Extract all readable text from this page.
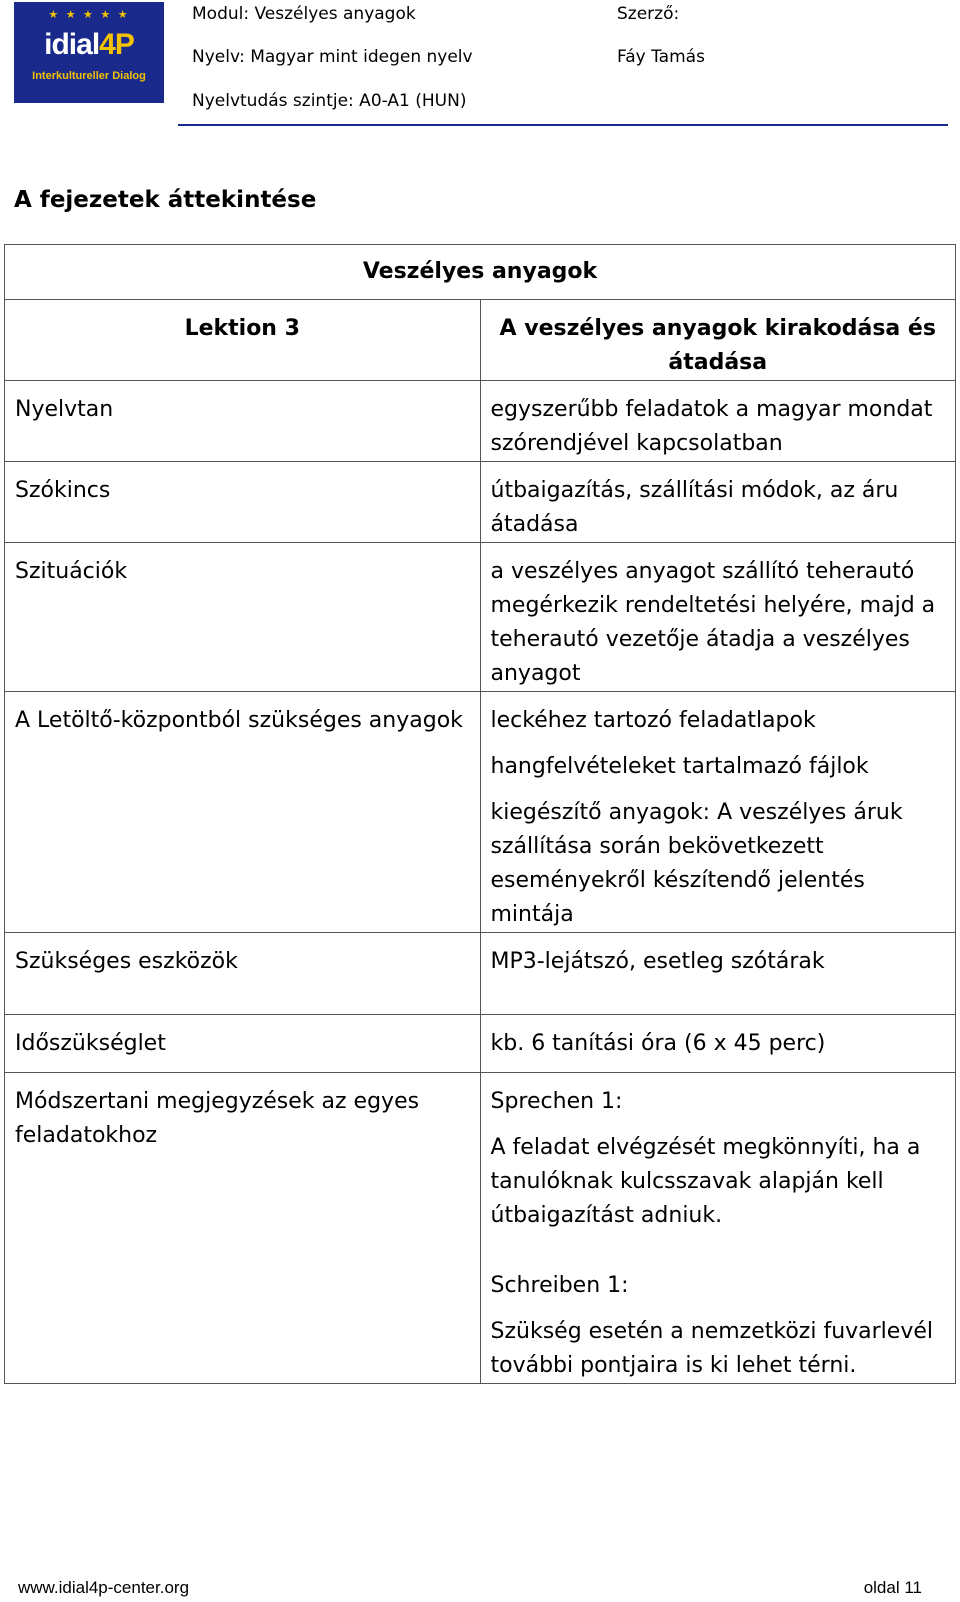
★ ★ ★ ★ ★
idial4P
Interkultureller Dialog
Modul: Veszélyes anyagok
Nyelv: Magyar mint idegen nyelv
Nyelvtudás szintje: A0-A1 (HUN)
Szerző:
Fáy Tamás
A fejezetek áttekintése
Veszélyes anyagok	
Lektion 3	A veszélyes anyagok kirakodása és átadása
Nyelvtan	egyszerűbb feladatok a magyar mondat szórendjével kapcsolatban
Szókincs	útbaigazítás, szállítási módok, az áru átadása
Szituációk	a veszélyes anyagot szállító teherautó megérkezik rendeltetési helyére, majd a teherautó vezetője átadja a veszélyes anyagot
A Letöltő-központból szükséges anyagok	leckéhez tartozó feladatlapok

hangfelvételeket tartalmazó fájlok

kiegészítő anyagok: A veszélyes áruk szállítása során bekövetkezett eseményekről készítendő jelentés mintája

Szükséges eszközök	MP3-lejátszó, esetleg szótárak
Időszükséglet	kb. 6 tanítási óra (6 x 45 perc)
Módszertani megjegyzések az egyes feladatokhoz	Sprechen 1:

A feladat elvégzését megkönnyíti, ha a tanulóknak kulcsszavak alapján kell útbaigazítást adniuk.

Schreiben 1:

Szükség esetén a nemzetközi fuvarlevél további pontjaira is ki lehet térni.

www.idial4p-center.org	oldal 11
